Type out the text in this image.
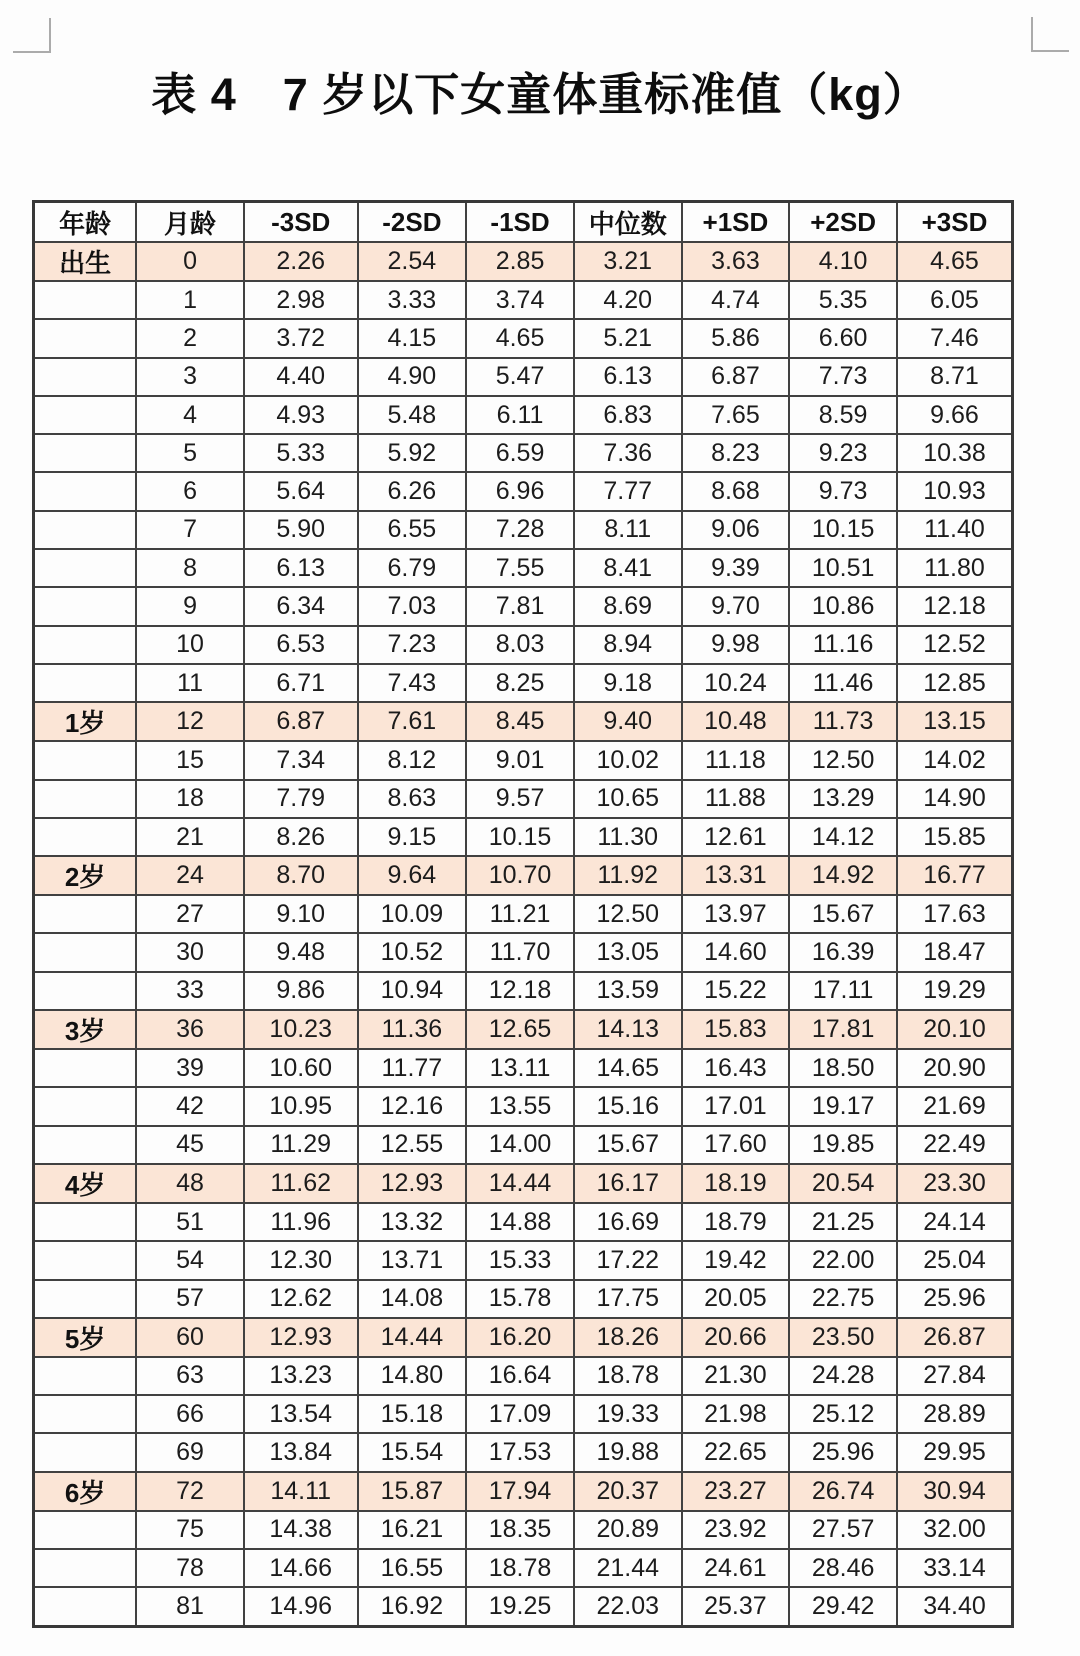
表 4　7 岁以下女童体重标准值（kg）
年龄	月龄	-3SD	-2SD	-1SD	中位数	+1SD	+2SD	+3SD
出生	0	2.26	2.54	2.85	3.21	3.63	4.10	4.65
	1	2.98	3.33	3.74	4.20	4.74	5.35	6.05
	2	3.72	4.15	4.65	5.21	5.86	6.60	7.46
	3	4.40	4.90	5.47	6.13	6.87	7.73	8.71
	4	4.93	5.48	6.11	6.83	7.65	8.59	9.66
	5	5.33	5.92	6.59	7.36	8.23	9.23	10.38
	6	5.64	6.26	6.96	7.77	8.68	9.73	10.93
	7	5.90	6.55	7.28	8.11	9.06	10.15	11.40
	8	6.13	6.79	7.55	8.41	9.39	10.51	11.80
	9	6.34	7.03	7.81	8.69	9.70	10.86	12.18
	10	6.53	7.23	8.03	8.94	9.98	11.16	12.52
	11	6.71	7.43	8.25	9.18	10.24	11.46	12.85
1岁	12	6.87	7.61	8.45	9.40	10.48	11.73	13.15
	15	7.34	8.12	9.01	10.02	11.18	12.50	14.02
	18	7.79	8.63	9.57	10.65	11.88	13.29	14.90
	21	8.26	9.15	10.15	11.30	12.61	14.12	15.85
2岁	24	8.70	9.64	10.70	11.92	13.31	14.92	16.77
	27	9.10	10.09	11.21	12.50	13.97	15.67	17.63
	30	9.48	10.52	11.70	13.05	14.60	16.39	18.47
	33	9.86	10.94	12.18	13.59	15.22	17.11	19.29
3岁	36	10.23	11.36	12.65	14.13	15.83	17.81	20.10
	39	10.60	11.77	13.11	14.65	16.43	18.50	20.90
	42	10.95	12.16	13.55	15.16	17.01	19.17	21.69
	45	11.29	12.55	14.00	15.67	17.60	19.85	22.49
4岁	48	11.62	12.93	14.44	16.17	18.19	20.54	23.30
	51	11.96	13.32	14.88	16.69	18.79	21.25	24.14
	54	12.30	13.71	15.33	17.22	19.42	22.00	25.04
	57	12.62	14.08	15.78	17.75	20.05	22.75	25.96
5岁	60	12.93	14.44	16.20	18.26	20.66	23.50	26.87
	63	13.23	14.80	16.64	18.78	21.30	24.28	27.84
	66	13.54	15.18	17.09	19.33	21.98	25.12	28.89
	69	13.84	15.54	17.53	19.88	22.65	25.96	29.95
6岁	72	14.11	15.87	17.94	20.37	23.27	26.74	30.94
	75	14.38	16.21	18.35	20.89	23.92	27.57	32.00
	78	14.66	16.55	18.78	21.44	24.61	28.46	33.14
	81	14.96	16.92	19.25	22.03	25.37	29.42	34.40
